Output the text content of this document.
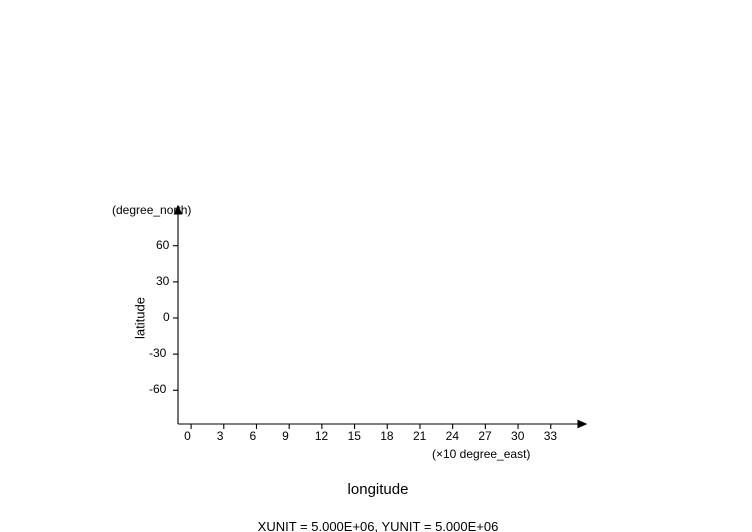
(degree_north)
(×10 degree_east)
latitude
longitude
XUNIT = 5.000E+06, YUNIT = 5.000E+06
0 3 6 9 12 15 18 21 24 27 30 33
-60
-30
0
30
60
